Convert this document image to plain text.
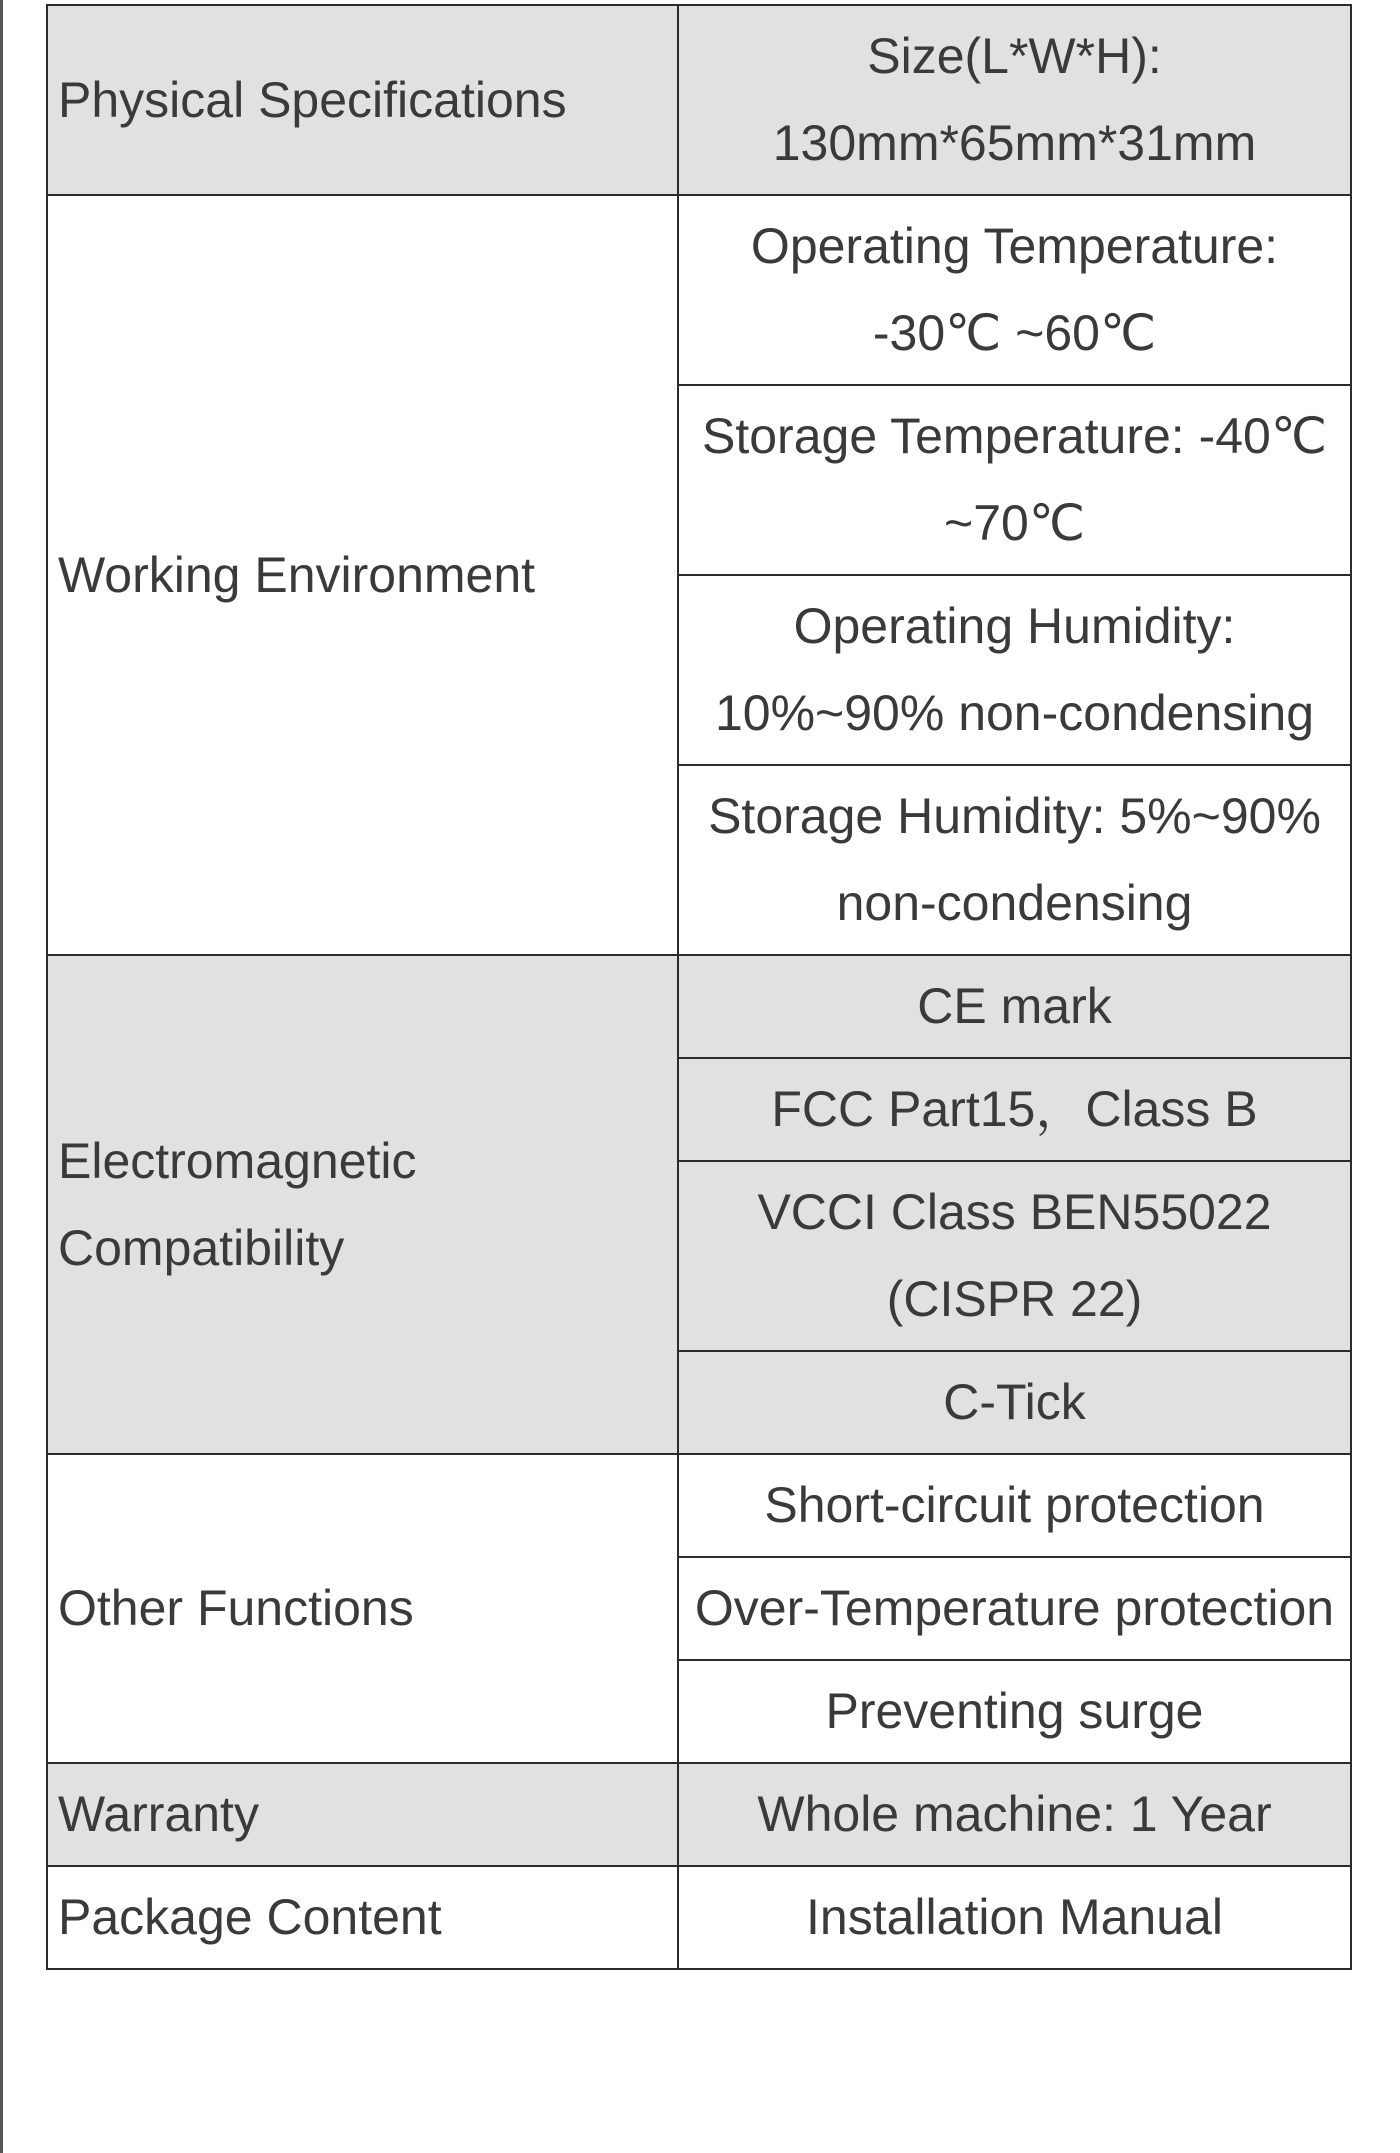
Physical Specifications	Size(L*W*H): 130mm*65mm*31mm
Working Environment	Operating Temperature: -30℃ ~60℃
	Storage Temperature: -40℃ ~70℃
	Operating Humidity: 10%~90% non-condensing
	Storage Humidity: 5%~90% non-condensing
Electromagnetic Compatibility	CE mark
	FCC Part15，Class B
	VCCI Class BEN55022 (CISPR 22)
	C-Tick
Other Functions	Short-circuit protection
	Over-Temperature protection
	Preventing surge
Warranty	Whole machine: 1 Year
Package Content	Installation Manual
